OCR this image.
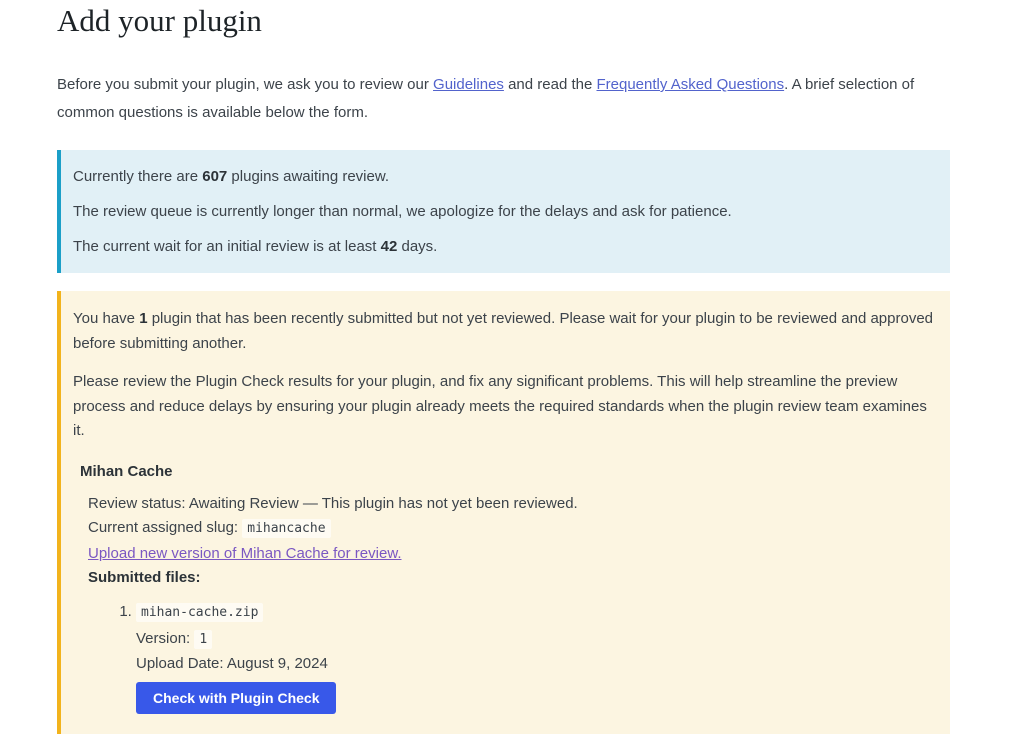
Add your plugin

Before you submit your plugin, we ask you to review our Guidelines and read the Frequently Asked Questions. A brief selection of common questions is available below the form.

Currently there are 607 plugins awaiting review.

The review queue is currently longer than normal, we apologize for the delays and ask for patience.

The current wait for an initial review is at least 42 days.

You have 1 plugin that has been recently submitted but not yet reviewed. Please wait for your plugin to be reviewed and approved before submitting another.

Please review the Plugin Check results for your plugin, and fix any significant problems. This will help streamline the preview process and reduce delays by ensuring your plugin already meets the required standards when the plugin review team examines it.

Mihan Cache

Review status: Awaiting Review — This plugin has not yet been reviewed.

Current assigned slug: mihancache

Upload new version of Mihan Cache for review.

Submitted files:

1. mihan-cache.zip
Version: 1
Upload Date: August 9, 2024
Check with Plugin Check
